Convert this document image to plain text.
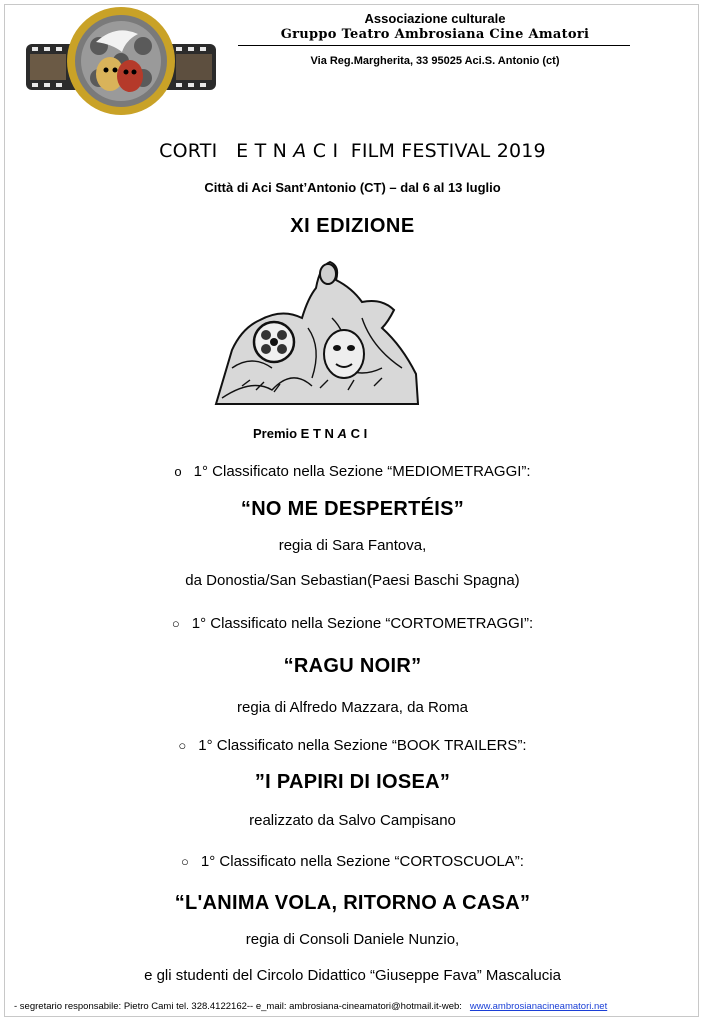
Associazione culturale
Gruppo Teatro Ambrosiana Cine Amatori
Via Reg.Margherita, 33 95025 Aci.S. Antonio (ct)
CORTI E T N A C I FILM FESTIVAL 2019
Città di Aci Sant’Antonio (CT) – dal 6 al 13 luglio
XI EDIZIONE
Premio E T N A C I
o 1° Classificato nella Sezione “MEDIOMETRAGGI”:
“NO ME DESPERTÉIS”
regia di Sara Fantova,
da Donostia/San Sebastian(Paesi Baschi Spagna)
○ 1° Classificato nella Sezione “CORTOMETRAGGI”:
“RAGU NOIR”
regia di Alfredo Mazzara, da Roma
○ 1° Classificato nella Sezione “BOOK TRAILERS”:
”I PAPIRI DI IOSEA”
realizzato da Salvo Campisano
○ 1° Classificato nella Sezione “CORTOSCUOLA”:
“L'ANIMA VOLA, RITORNO A CASA”
regia di Consoli Daniele Nunzio,
e gli studenti del Circolo Didattico “Giuseppe Fava” Mascalucia
- segretario responsabile: Pietro Cami tel. 328.4122162-- e_mail: ambrosiana-cineamatori@hotmail.it-web: www.ambrosianacineamatori.net
